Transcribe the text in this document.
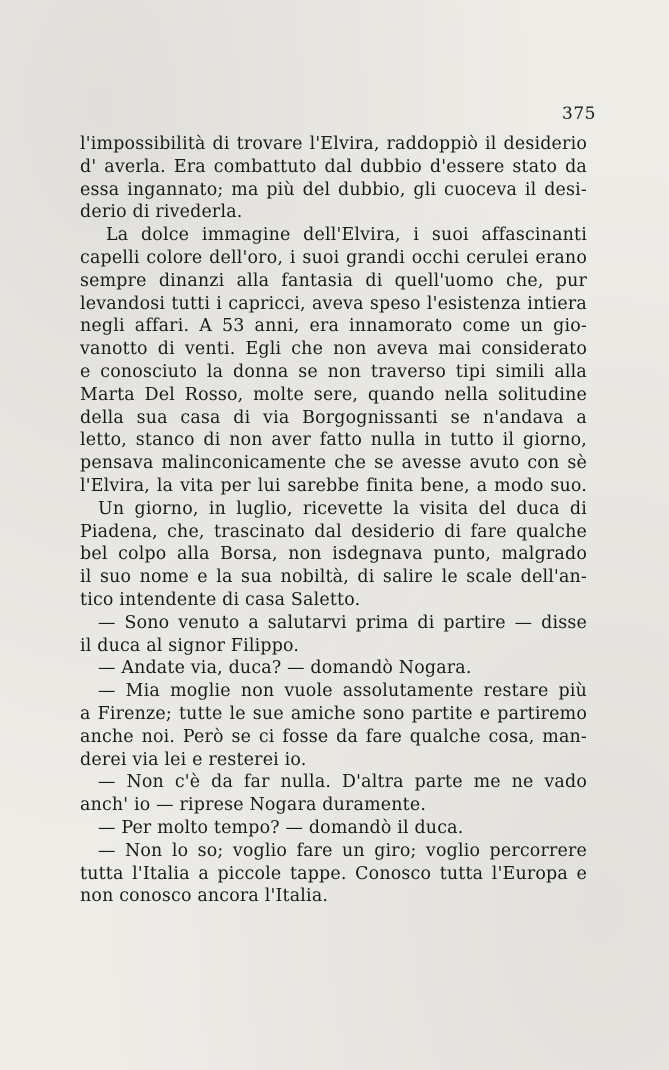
375
l'impossibilità di trovare l'Elvira, raddoppiò il desiderio
d' averla. Era combattuto dal dubbio d'essere stato da
essa ingannato; ma più del dubbio, gli cuoceva il desi-
derio di rivederla.
La dolce immagine dell'Elvira, i suoi affascinanti
capelli colore dell'oro, i suoi grandi occhi cerulei erano
sempre dinanzi alla fantasia di quell'uomo che, pur
levandosi tutti i capricci, aveva speso l'esistenza intiera
negli affari. A 53 anni, era innamorato come un gio-
vanotto di venti. Egli che non aveva mai considerato
e conosciuto la donna se non traverso tipi simili alla
Marta Del Rosso, molte sere, quando nella solitudine
della sua casa di via Borgognissanti se n'andava a
letto, stanco di non aver fatto nulla in tutto il giorno,
pensava malinconicamente che se avesse avuto con sè
l'Elvira, la vita per lui sarebbe finita bene, a modo suo.
Un giorno, in luglio, ricevette la visita del duca di
Piadena, che, trascinato dal desiderio di fare qualche
bel colpo alla Borsa, non isdegnava punto, malgrado
il suo nome e la sua nobiltà, di salire le scale dell'an-
tico intendente di casa Saletto.
— Sono venuto a salutarvi prima di partire — disse
il duca al signor Filippo.
— Andate via, duca? — domandò Nogara.
— Mia moglie non vuole assolutamente restare più
a Firenze; tutte le sue amiche sono partite e partiremo
anche noi. Però se ci fosse da fare qualche cosa, man-
derei via lei e resterei io.
— Non c'è da far nulla. D'altra parte me ne vado
anch' io — riprese Nogara duramente.
— Per molto tempo? — domandò il duca.
— Non lo so; voglio fare un giro; voglio percorrere
tutta l'Italia a piccole tappe. Conosco tutta l'Europa e
non conosco ancora l'Italia.
